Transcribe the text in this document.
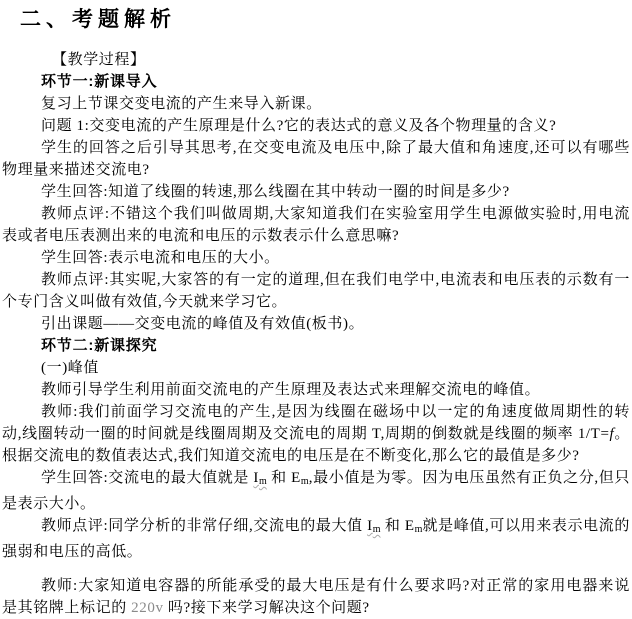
二、考题解析

【教学过程】

环节一:新课导入

复习上节课交变电流的产生来导入新课。

问题 1:交变电流的产生原理是什么?它的表达式的意义及各个物理量的含义?

学生的回答之后引导其思考,在交变电流及电压中,除了最大值和角速度,还可以有哪些物理量来描述交流电?

学生回答:知道了线圈的转速,那么线圈在其中转动一圈的时间是多少?

教师点评:不错这个我们叫做周期,大家知道我们在实验室用学生电源做实验时,用电流表或者电压表测出来的电流和电压的示数表示什么意思嘛?

学生回答:表示电流和电压的大小。

教师点评:其实呢,大家答的有一定的道理,但在我们电学中,电流表和电压表的示数有一个专门含义叫做有效值,今天就来学习它。

引出课题——交变电流的峰值及有效值(板书)。

环节二:新课探究

(一)峰值

教师引导学生利用前面交流电的产生原理及表达式来理解交流电的峰值。

教师:我们前面学习交流电的产生,是因为线圈在磁场中以一定的角速度做周期性的转动,线圈转动一圈的时间就是线圈周期及交流电的周期 T,周期的倒数就是线圈的频率 1/T=f。根据交流电的数值表达式,我们知道交流电的电压是在不断变化,那么它的最值是多少?

学生回答:交流电的最大值就是 $I_m$ 和 $E_m$,最小值是为零。因为电压虽然有正负之分,但只是表示大小。

教师点评:同学分析的非常仔细,交流电的最大值 $I_m$ 和 $E_m$就是峰值,可以用来表示电流的强弱和电压的高低。

教师:大家知道电容器的所能承受的最大电压是有什么要求吗?对正常的家用电器来说是其铭牌上标记的 220v 吗?接下来学习解决这个问题?
